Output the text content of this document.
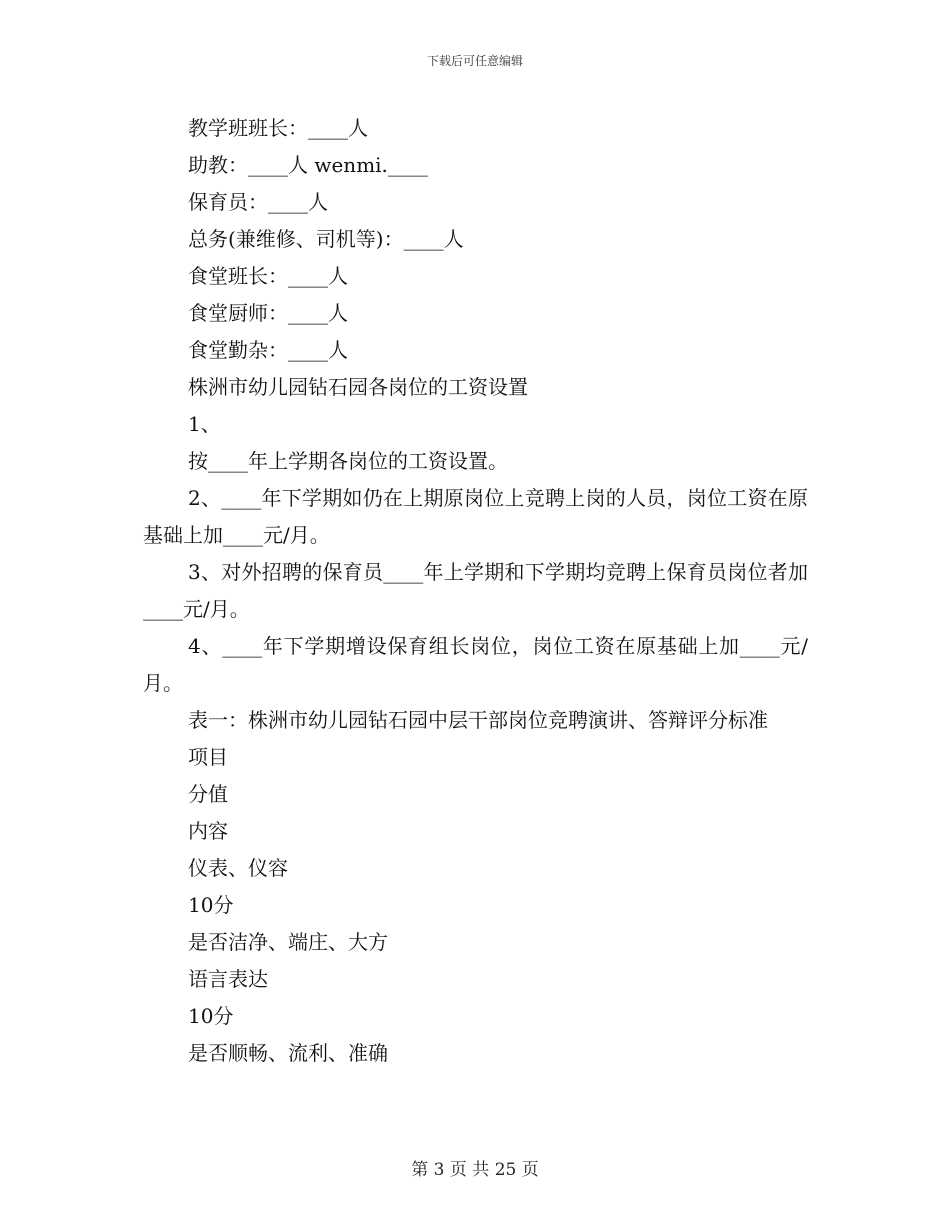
下载后可任意编辑

教学班班长：____人

助教：____人 wenmi.____

保育员：____人

总务(兼维修、司机等)：____人

食堂班长：____人

食堂厨师：____人

食堂勤杂：____人

株洲市幼儿园钻石园各岗位的工资设置

1、

按____年上学期各岗位的工资设置。

2、____年下学期如仍在上期原岗位上竞聘上岗的人员，岗位工资在原基础上加____元/月。

3、对外招聘的保育员____年上学期和下学期均竞聘上保育员岗位者加____元/月。

4、____年下学期增设保育组长岗位，岗位工资在原基础上加____元/月。

表一：株洲市幼儿园钻石园中层干部岗位竞聘演讲、答辩评分标准

项目

分值

内容

仪表、仪容

10分

是否洁净、端庄、大方

语言表达

10分

是否顺畅、流利、准确

第 3 页 共 25 页
